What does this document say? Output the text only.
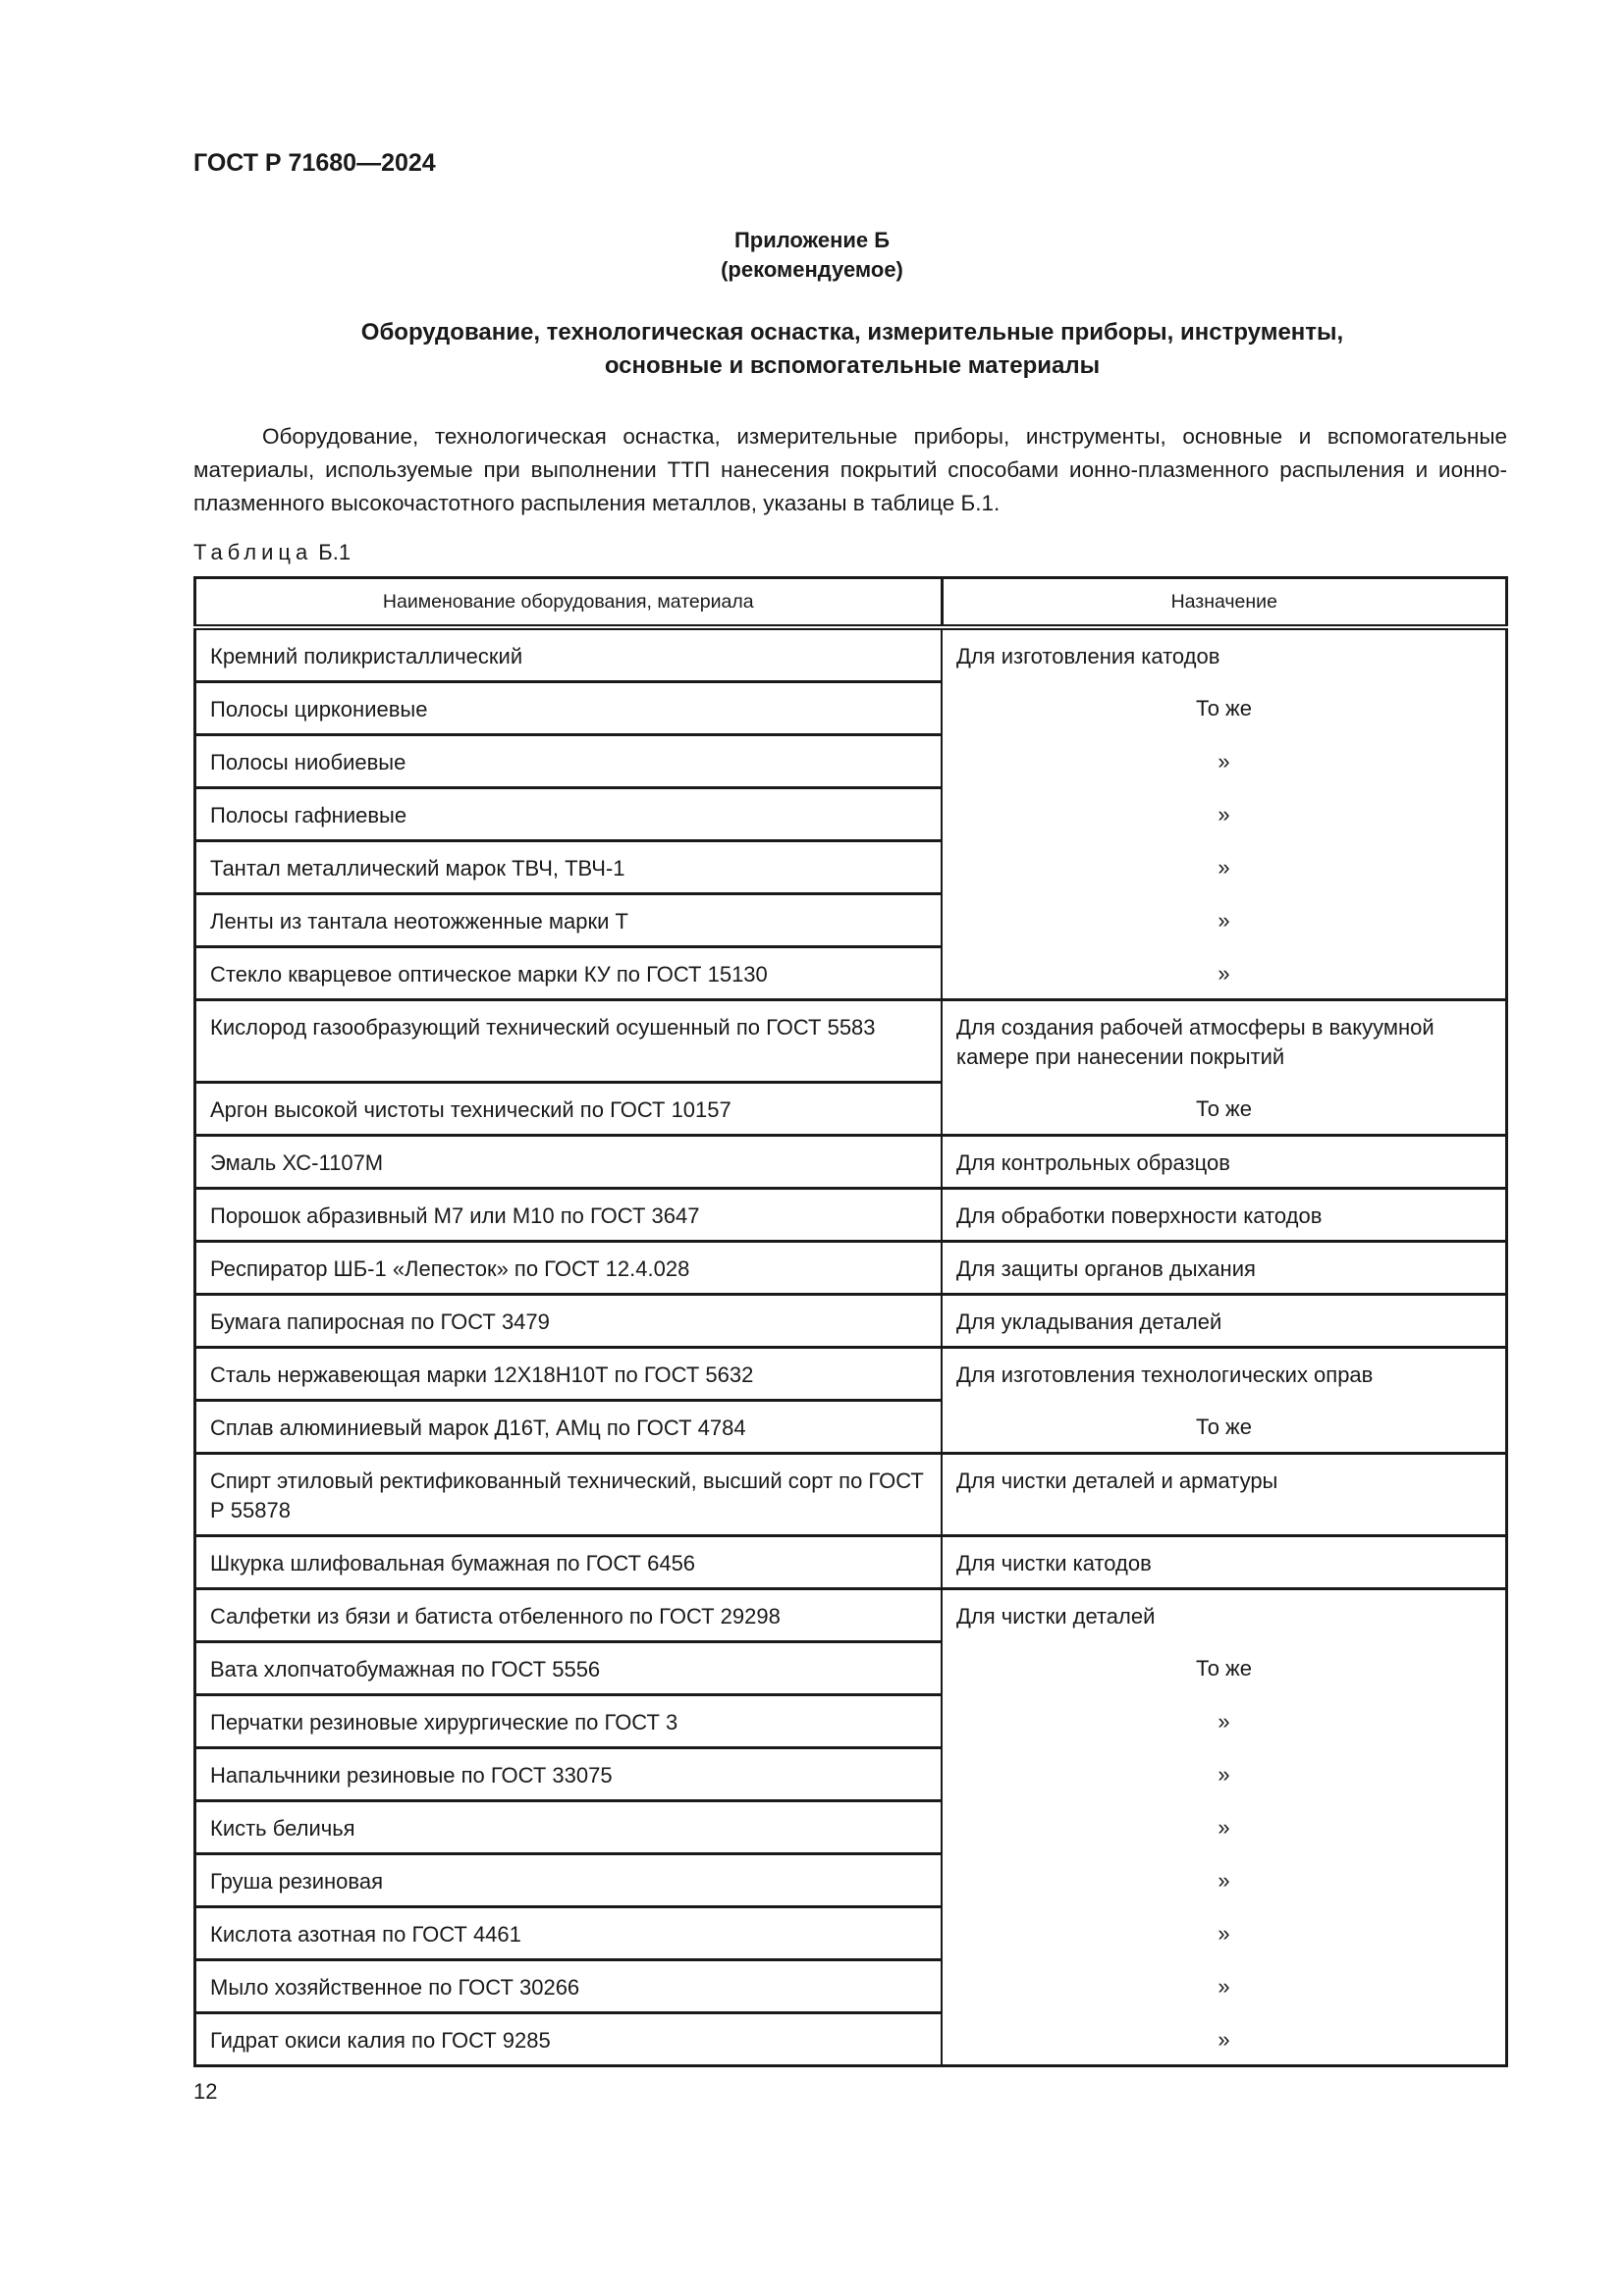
ГОСТ Р 71680—2024
Приложение Б
(рекомендуемое)
Оборудование, технологическая оснастка, измерительные приборы, инструменты,
основные и вспомогательные материалы
Оборудование, технологическая оснастка, измерительные приборы, инструменты, основные и вспомогательные материалы, используемые при выполнении ТТП нанесения покрытий способами ионно-плазменного распыления и ионно-плазменного высокочастотного распыления металлов, указаны в таблице Б.1.
Таблица Б.1
Наименование оборудования, материала	Назначение

Кремний поликристаллический	Для изготовления катодов

Полосы циркониевые	То же

Полосы ниобиевые	»

Полосы гафниевые	»

Тантал металлический марок ТВЧ, ТВЧ-1	»

Ленты из тантала неотожженные марки Т	»

Стекло кварцевое оптическое марки КУ по ГОСТ 15130	»

Кислород газообразующий технический осушенный по ГОСТ 5583	Для создания рабочей атмосферы в вакуумной камере при нанесении покрытий

Аргон высокой чистоты технический по ГОСТ 10157	То же

Эмаль ХС-1107М	Для контрольных образцов

Порошок абразивный М7 или М10 по ГОСТ 3647	Для обработки поверхности катодов

Респиратор ШБ-1 «Лепесток» по ГОСТ 12.4.028	Для защиты органов дыхания

Бумага папиросная по ГОСТ 3479	Для укладывания деталей

Сталь нержавеющая марки 12Х18Н10Т по ГОСТ 5632	Для изготовления технологических оправ

Сплав алюминиевый марок Д16Т, АМц по ГОСТ 4784	То же

Спирт этиловый ректификованный технический, высший сорт по ГОСТ Р 55878	Для чистки деталей и арматуры

Шкурка шлифовальная бумажная по ГОСТ 6456	Для чистки катодов

Салфетки из бязи и батиста отбеленного по ГОСТ 29298	Для чистки деталей

Вата хлопчатобумажная по ГОСТ 5556	То же

Перчатки резиновые хирургические по ГОСТ 3	»

Напальчники резиновые по ГОСТ 33075	»

Кисть беличья	»

Груша резиновая	»

Кислота азотная по ГОСТ 4461	»

Мыло хозяйственное по ГОСТ 30266	»

Гидрат окиси калия по ГОСТ 9285	»
12
